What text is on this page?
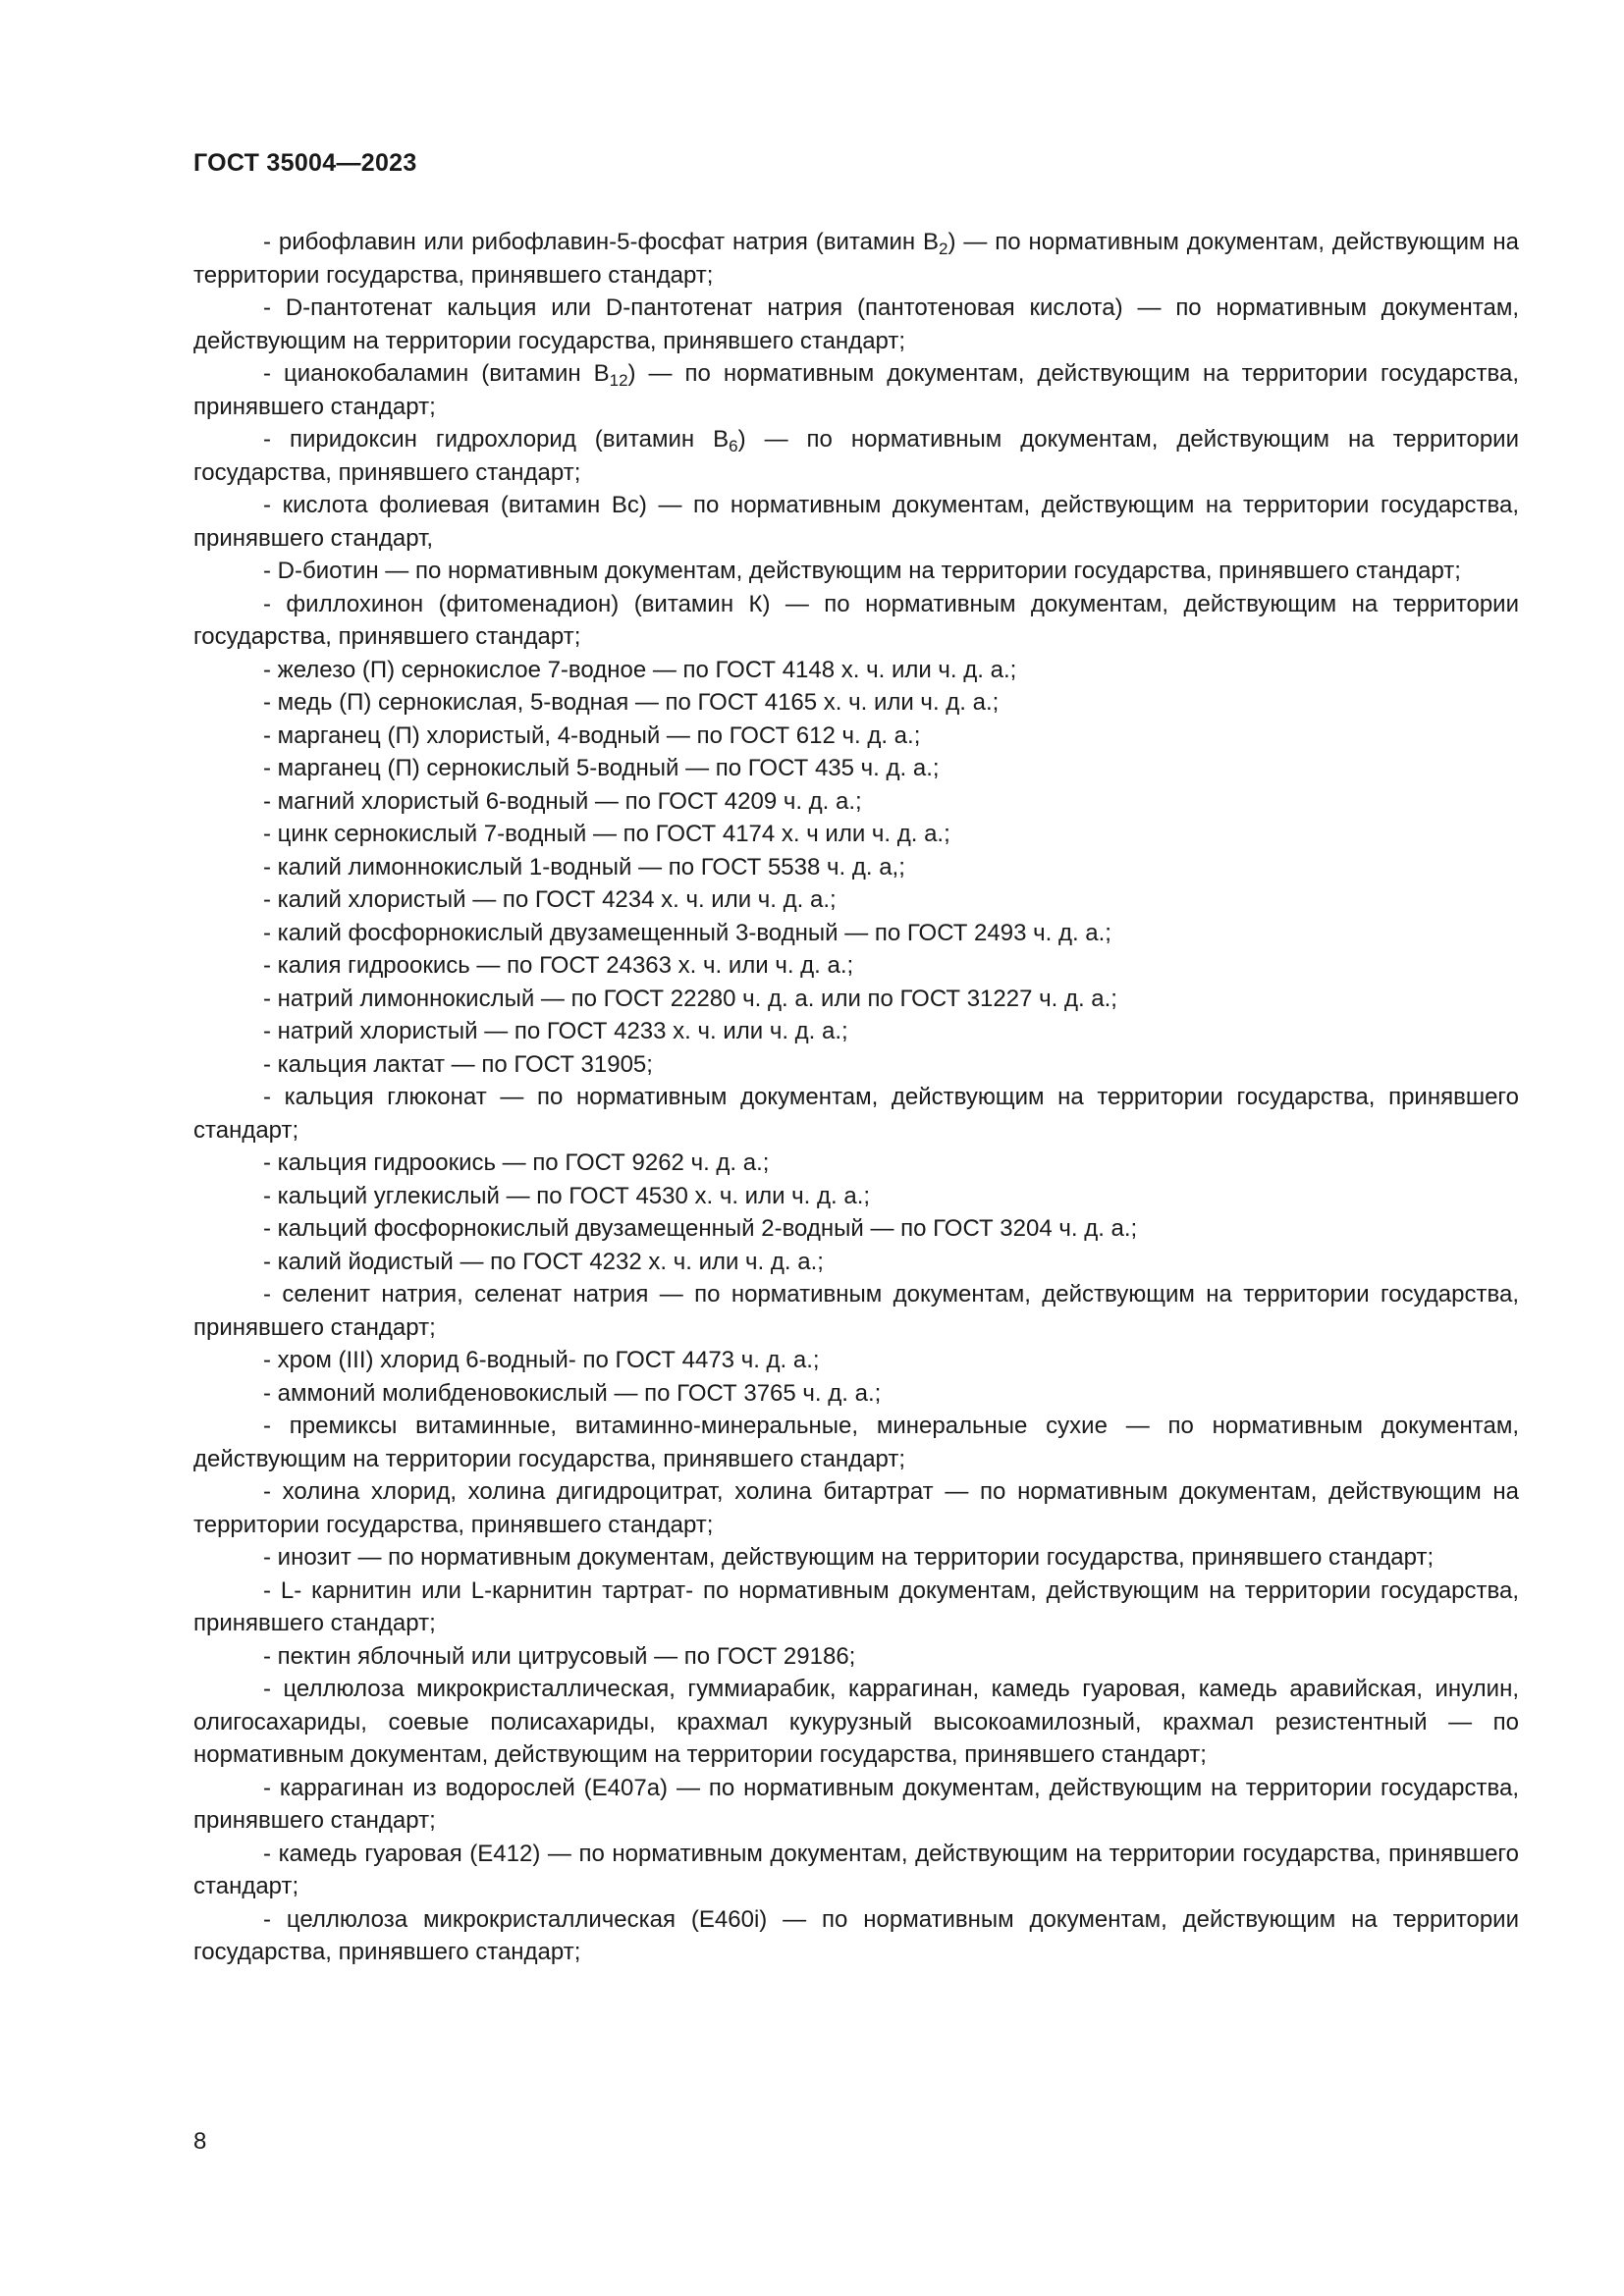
ГОСТ 35004—2023

- рибофлавин или рибофлавин-5-фосфат натрия (витамин $В_2$) — по нормативным документам, действующим на территории государства, принявшего стандарт;

- D-пантотенат кальция или D-пантотенат натрия (пантотеновая кислота) — по нормативным документам, действующим на территории государства, принявшего стандарт;

- цианокобаламин (витамин $В_{12}$) — по нормативным документам, действующим на территории государства, принявшего стандарт;

- пиридоксин гидрохлорид (витамин $В_6$) — по нормативным документам, действующим на территории государства, принявшего стандарт;

- кислота фолиевая (витамин Вс) — по нормативным документам, действующим на территории государства, принявшего стандарт,

- D-биотин — по нормативным документам, действующим на территории государства, принявшего стандарт;

- филлохинон (фитоменадион) (витамин К) — по нормативным документам, действующим на территории государства, принявшего стандарт;

- железо (П) сернокислое 7-водное — по ГОСТ 4148 х. ч. или ч. д. а.;

- медь (П) сернокислая, 5-водная — по ГОСТ 4165 х. ч. или ч. д. а.;

- марганец (П) хлористый, 4-водный — по ГОСТ 612 ч. д. а.;

- марганец (П) сернокислый 5-водный — по ГОСТ 435 ч. д. а.;

- магний хлористый 6-водный — по ГОСТ 4209 ч. д. а.;

- цинк сернокислый 7-водный — по ГОСТ 4174 х. ч или ч. д. а.;

- калий лимоннокислый 1-водный — по ГОСТ 5538 ч. д. а,;

- калий хлористый — по ГОСТ 4234 х. ч. или ч. д. а.;

- калий фосфорнокислый двузамещенный 3-водный — по ГОСТ 2493 ч. д. а.;

- калия гидроокись — по ГОСТ 24363 х. ч. или ч. д. а.;

- натрий лимоннокислый — по ГОСТ 22280 ч. д. а. или по ГОСТ 31227 ч. д. а.;

- натрий хлористый — по ГОСТ 4233 х. ч. или ч. д. а.;

- кальция лактат — по ГОСТ 31905;

- кальция глюконат — по нормативным документам, действующим на территории государства, принявшего стандарт;

- кальция гидроокись — по ГОСТ 9262 ч. д. а.;

- кальций углекислый — по ГОСТ 4530 х. ч. или ч. д. а.;

- кальций фосфорнокислый двузамещенный 2-водный — по ГОСТ 3204 ч. д. а.;

- калий йодистый — по ГОСТ 4232 х. ч. или ч. д. а.;

- селенит натрия, селенат натрия — по нормативным документам, действующим на территории государства, принявшего стандарт;

- хром (III) хлорид 6-водный- по ГОСТ 4473 ч. д. а.;

- аммоний молибденовокислый — по ГОСТ 3765 ч. д. а.;

- премиксы витаминные, витаминно-минеральные, минеральные сухие — по нормативным документам, действующим на территории государства, принявшего стандарт;

- холина хлорид, холина дигидроцитрат, холина битартрат — по нормативным документам, действующим на территории государства, принявшего стандарт;

- инозит — по нормативным документам, действующим на территории государства, принявшего стандарт;

- L- карнитин или L-карнитин тартрат- по нормативным документам, действующим на территории государства, принявшего стандарт;

- пектин яблочный или цитрусовый — по ГОСТ 29186;

- целлюлоза микрокристаллическая, гуммиарабик, каррагинан, камедь гуаровая, камедь аравийская, инулин, олигосахариды, соевые полисахариды, крахмал кукурузный высокоамилозный, крахмал резистентный — по нормативным документам, действующим на территории государства, принявшего стандарт;

- каррагинан из водорослей (Е407а) — по нормативным документам, действующим на территории государства, принявшего стандарт;

- камедь гуаровая (Е412) — по нормативным документам, действующим на территории государства, принявшего стандарт;

- целлюлоза микрокристаллическая (Е460i) — по нормативным документам, действующим на территории государства, принявшего стандарт;

8
